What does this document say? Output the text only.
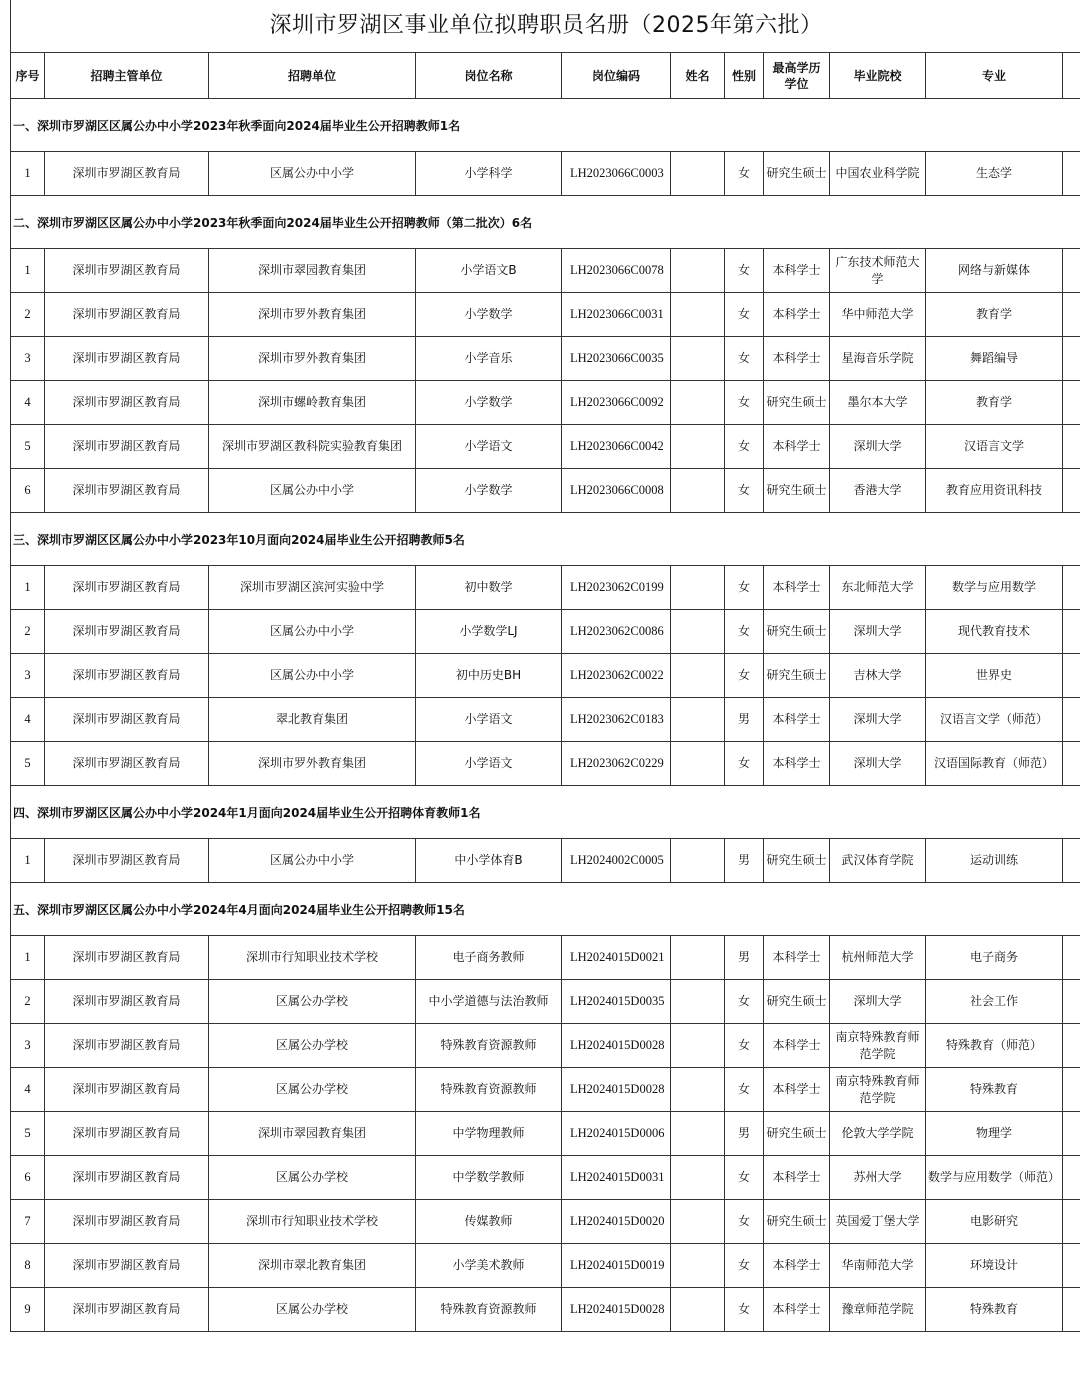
深圳市罗湖区事业单位拟聘职员名册（2025年第六批）
序号	招聘主管单位	招聘单位	岗位名称	岗位编码	姓名	性别	最高学历学位	毕业院校	专业	
一、深圳市罗湖区区属公办中小学2023年秋季面向2024届毕业生公开招聘教师1名										
1	深圳市罗湖区教育局	区属公办中小学	小学科学	LH2023066C0003		女	研究生硕士	中国农业科学院	生态学	
二、深圳市罗湖区区属公办中小学2023年秋季面向2024届毕业生公开招聘教师（第二批次）6名										
1	深圳市罗湖区教育局	深圳市翠园教育集团	小学语文B	LH2023066C0078		女	本科学士	广东技术师范大学	网络与新媒体	
2	深圳市罗湖区教育局	深圳市罗外教育集团	小学数学	LH2023066C0031		女	本科学士	华中师范大学	教育学	
3	深圳市罗湖区教育局	深圳市罗外教育集团	小学音乐	LH2023066C0035		女	本科学士	星海音乐学院	舞蹈编导	
4	深圳市罗湖区教育局	深圳市螺岭教育集团	小学数学	LH2023066C0092		女	研究生硕士	墨尔本大学	教育学	
5	深圳市罗湖区教育局	深圳市罗湖区教科院实验教育集团	小学语文	LH2023066C0042		女	本科学士	深圳大学	汉语言文学	
6	深圳市罗湖区教育局	区属公办中小学	小学数学	LH2023066C0008		女	研究生硕士	香港大学	教育应用资讯科技	
三、深圳市罗湖区区属公办中小学2023年10月面向2024届毕业生公开招聘教师5名										
1	深圳市罗湖区教育局	深圳市罗湖区滨河实验中学	初中数学	LH2023062C0199		女	本科学士	东北师范大学	数学与应用数学	
2	深圳市罗湖区教育局	区属公办中小学	小学数学LJ	LH2023062C0086		女	研究生硕士	深圳大学	现代教育技术	
3	深圳市罗湖区教育局	区属公办中小学	初中历史BH	LH2023062C0022		女	研究生硕士	吉林大学	世界史	
4	深圳市罗湖区教育局	翠北教育集团	小学语文	LH2023062C0183		男	本科学士	深圳大学	汉语言文学（师范）	
5	深圳市罗湖区教育局	深圳市罗外教育集团	小学语文	LH2023062C0229		女	本科学士	深圳大学	汉语国际教育（师范）	
四、深圳市罗湖区区属公办中小学2024年1月面向2024届毕业生公开招聘体育教师1名										
1	深圳市罗湖区教育局	区属公办中小学	中小学体育B	LH2024002C0005		男	研究生硕士	武汉体育学院	运动训练	
五、深圳市罗湖区区属公办中小学2024年4月面向2024届毕业生公开招聘教师15名										
1	深圳市罗湖区教育局	深圳市行知职业技术学校	电子商务教师	LH2024015D0021		男	本科学士	杭州师范大学	电子商务	
2	深圳市罗湖区教育局	区属公办学校	中小学道德与法治教师	LH2024015D0035		女	研究生硕士	深圳大学	社会工作	
3	深圳市罗湖区教育局	区属公办学校	特殊教育资源教师	LH2024015D0028		女	本科学士	南京特殊教育师范学院	特殊教育（师范）	
4	深圳市罗湖区教育局	区属公办学校	特殊教育资源教师	LH2024015D0028		女	本科学士	南京特殊教育师范学院	特殊教育	
5	深圳市罗湖区教育局	深圳市翠园教育集团	中学物理教师	LH2024015D0006		男	研究生硕士	伦敦大学学院	物理学	
6	深圳市罗湖区教育局	区属公办学校	中学数学教师	LH2024015D0031		女	本科学士	苏州大学	数学与应用数学（师范）	
7	深圳市罗湖区教育局	深圳市行知职业技术学校	传媒教师	LH2024015D0020		女	研究生硕士	英国爱丁堡大学	电影研究	
8	深圳市罗湖区教育局	深圳市翠北教育集团	小学美术教师	LH2024015D0019		女	本科学士	华南师范大学	环境设计	
9	深圳市罗湖区教育局	区属公办学校	特殊教育资源教师	LH2024015D0028		女	本科学士	豫章师范学院	特殊教育	
